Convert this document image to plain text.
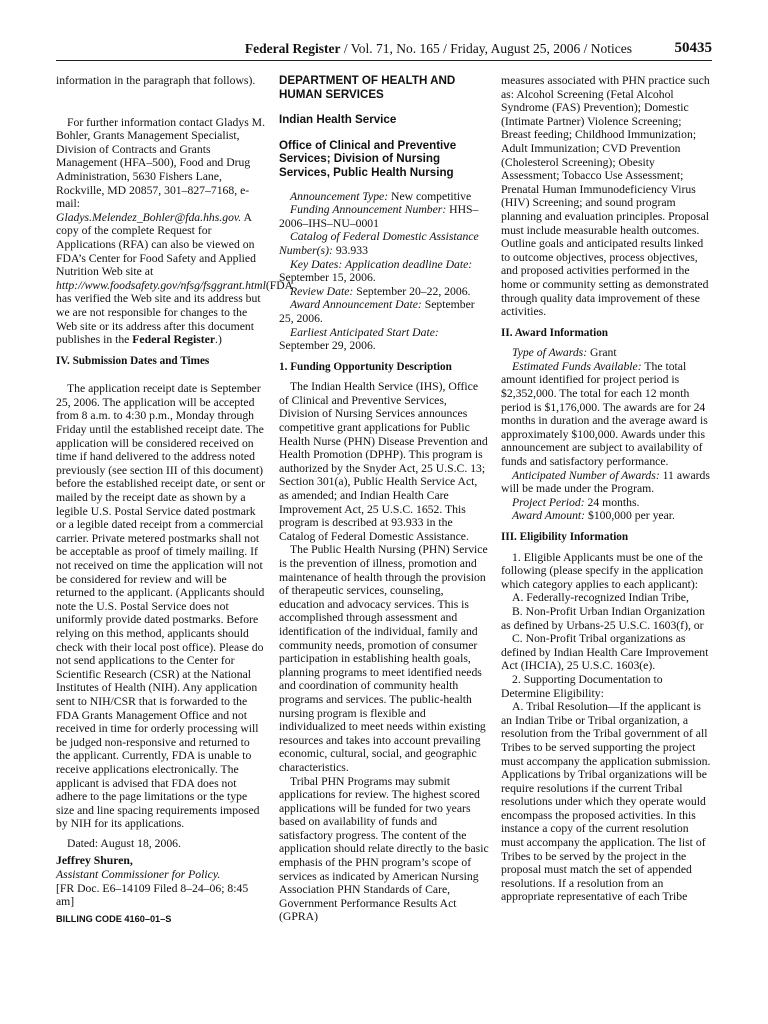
Federal Register / Vol. 71, No. 165 / Friday, August 25, 2006 / Notices	50435

information in the paragraph that follows).

For further information contact Gladys M. Bohler, Grants Management Specialist, Division of Contracts and Grants Management (HFA–500), Food and Drug Administration, 5630 Fishers Lane, Rockville, MD 20857, 301–827–7168, e-mail: Gladys.Melendez_Bohler@fda.hhs.gov. A copy of the complete Request for Applications (RFA) can also be viewed on FDA’s Center for Food Safety and Applied Nutrition Web site at http://www.foodsafety.gov/nfsg/fsggrant.html(FDA has verified the Web site and its address but we are not responsible for changes to the Web site or its address after this document publishes in the Federal Register.)

IV. Submission Dates and Times

The application receipt date is September 25, 2006. The application will be accepted from 8 a.m. to 4:30 p.m., Monday through Friday until the established receipt date. The application will be considered received on time if hand delivered to the address noted previously (see section III of this document) before the established receipt date, or sent or mailed by the receipt date as shown by a legible U.S. Postal Service dated postmark or a legible dated receipt from a commercial carrier. Private metered postmarks shall not be acceptable as proof of timely mailing. If not received on time the application will not be considered for review and will be returned to the applicant. (Applicants should note the U.S. Postal Service does not uniformly provide dated postmarks. Before relying on this method, applicants should check with their local post office). Please do not send applications to the Center for Scientific Research (CSR) at the National Institutes of Health (NIH). Any application sent to NIH/CSR that is forwarded to the FDA Grants Management Office and not received in time for orderly processing will be judged non-responsive and returned to the applicant. Currently, FDA is unable to receive applications electronically. The applicant is advised that FDA does not adhere to the page limitations or the type size and line spacing requirements imposed by NIH for its applications.

Dated: August 18, 2006.

Jeffrey Shuren,

Assistant Commissioner for Policy.

[FR Doc. E6–14109 Filed 8–24–06; 8:45 am]

BILLING CODE 4160–01–S

DEPARTMENT OF HEALTH AND HUMAN SERVICES

Indian Health Service

Office of Clinical and Preventive Services; Division of Nursing Services, Public Health Nursing

Announcement Type: New competitive

Funding Announcement Number: HHS–2006–IHS–NU–0001

Catalog of Federal Domestic Assistance Number(s): 93.933

Key Dates: Application deadline Date: September 15, 2006.

Review Date: September 20–22, 2006.

Award Announcement Date: September 25, 2006.

Earliest Anticipated Start Date: September 29, 2006.

1. Funding Opportunity Description

The Indian Health Service (IHS), Office of Clinical and Preventive Services, Division of Nursing Services announces competitive grant applications for Public Health Nurse (PHN) Disease Prevention and Health Promotion (DPHP). This program is authorized by the Snyder Act, 25 U.S.C. 13; Section 301(a), Public Health Service Act, as amended; and Indian Health Care Improvement Act, 25 U.S.C. 1652. This program is described at 93.933 in the Catalog of Federal Domestic Assistance.

The Public Health Nursing (PHN) Service is the prevention of illness, promotion and maintenance of health through the provision of therapeutic services, counseling, education and advocacy services. This is accomplished through assessment and identification of the individual, family and community needs, promotion of consumer participation in establishing health goals, planning programs to meet identified needs and coordination of community health programs and services. The public-health nursing program is flexible and individualized to meet needs within existing resources and takes into account prevailing economic, cultural, social, and geographic characteristics.

Tribal PHN Programs may submit applications for review. The highest scored applications will be funded for two years based on availability of funds and satisfactory progress. The content of the application should relate directly to the basic emphasis of the PHN program’s scope of services as indicated by American Nursing Association PHN Standards of Care, Government Performance Results Act (GPRA)

measures associated with PHN practice such as: Alcohol Screening (Fetal Alcohol Syndrome (FAS) Prevention); Domestic (Intimate Partner) Violence Screening; Breast feeding; Childhood Immunization; Adult Immunization; CVD Prevention (Cholesterol Screening); Obesity Assessment; Tobacco Use Assessment; Prenatal Human Immunodeficiency Virus (HIV) Screening; and sound program planning and evaluation principles. Proposal must include measurable health outcomes. Outline goals and anticipated results linked to outcome objectives, process objectives, and proposed activities performed in the home or community setting as demonstrated through quality data improvement of these activities.

II. Award Information

Type of Awards: Grant

Estimated Funds Available: The total amount identified for project period is $2,352,000. The total for each 12 month period is $1,176,000. The awards are for 24 months in duration and the average award is approximately $100,000. Awards under this announcement are subject to availability of funds and satisfactory performance.

Anticipated Number of Awards: 11 awards will be made under the Program.

Project Period: 24 months.

Award Amount: $100,000 per year.

III. Eligibility Information

1. Eligible Applicants must be one of the following (please specify in the application which category applies to each applicant):

A. Federally-recognized Indian Tribe,

B. Non-Profit Urban Indian Organization as defined by Urbans-25 U.S.C. 1603(f), or

C. Non-Profit Tribal organizations as defined by Indian Health Care Improvement Act (IHCIA), 25 U.S.C. 1603(e).

2. Supporting Documentation to Determine Eligibility:

A. Tribal Resolution—If the applicant is an Indian Tribe or Tribal organization, a resolution from the Tribal government of all Tribes to be served supporting the project must accompany the application submission. Applications by Tribal organizations will be require resolutions if the current Tribal resolutions under which they operate would encompass the proposed activities. In this instance a copy of the current resolution must accompany the application. The list of Tribes to be served by the project in the proposal must match the set of appended resolutions. If a resolution from an appropriate representative of each Tribe
